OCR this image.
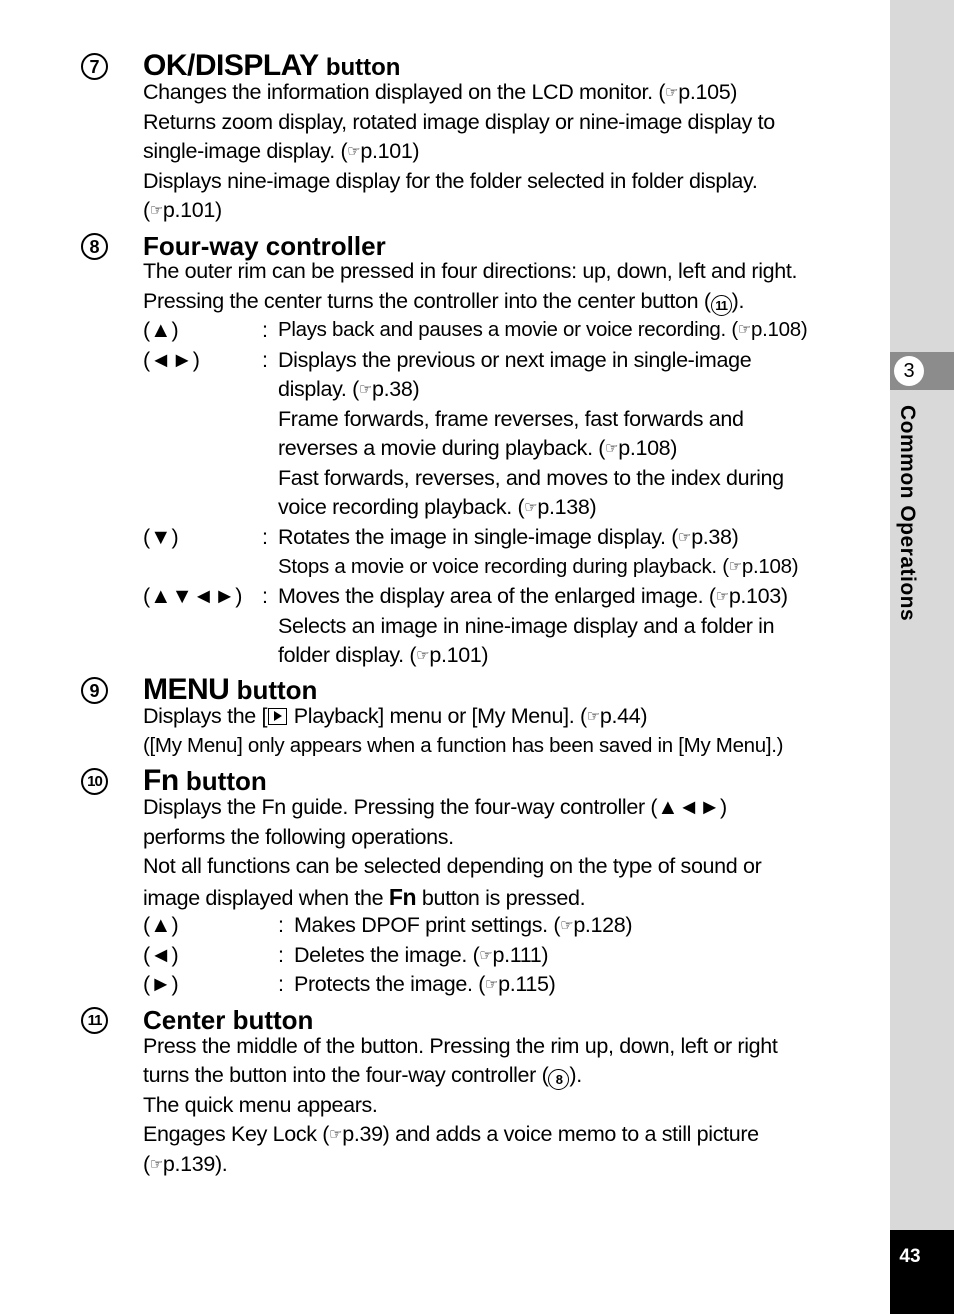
7 OK/DISPLAY button
Changes the information displayed on the LCD monitor. (☞p.105)
Returns zoom display, rotated image display or nine-image display to
single-image display. (☞p.101)
Displays nine-image display for the folder selected in folder display.
(☞p.101)
8	Four-way controller
The outer rim can be pressed in four directions: up, down, left and right.
Pressing the center turns the controller into the center button ( 11 ).
(▲)	: Plays back and pauses a movie or voice recording. (☞p.108)
(◄►)	: Displays the previous or next image in single-image
display. (☞p.38)
Frame forwards, frame reverses, fast forwards and
reverses a movie during playback. (☞p.108)
Fast forwards, reverses, and moves to the index during
voice recording playback. (☞p.138)
(▼)	: Rotates the image in single-image display. (☞p.38)
Stops a movie or voice recording during playback. (☞p.108)
(▲▼◄►) : Moves the display area of the enlarged image. (☞p.103)
Selects an image in nine-image display and a folder in
folder display. (☞p.101)
9 MENU button
Displays the [ Playback] menu or [My Menu]. (☞p.44)
([My Menu] only appears when a function has been saved in [My Menu].)
10 Fn button
Displays the Fn guide. Pressing the four-way controller (▲◄►)
performs the following operations.
Not all functions can be selected depending on the type of sound or
image displayed when the Fn button is pressed.
(▲)	: Makes DPOF print settings. (☞p.128)
(◄)	: Deletes the image. (☞p.111)
(►)	: Protects the image. (☞p.115)
11 Center button
Press the middle of the button. Pressing the rim up, down, left or right
turns the button into the four-way controller ( 8 ).
The quick menu appears.
Engages Key Lock (☞p.39) and adds a voice memo to a still picture
(☞p.139).
3
43
Common Operations
